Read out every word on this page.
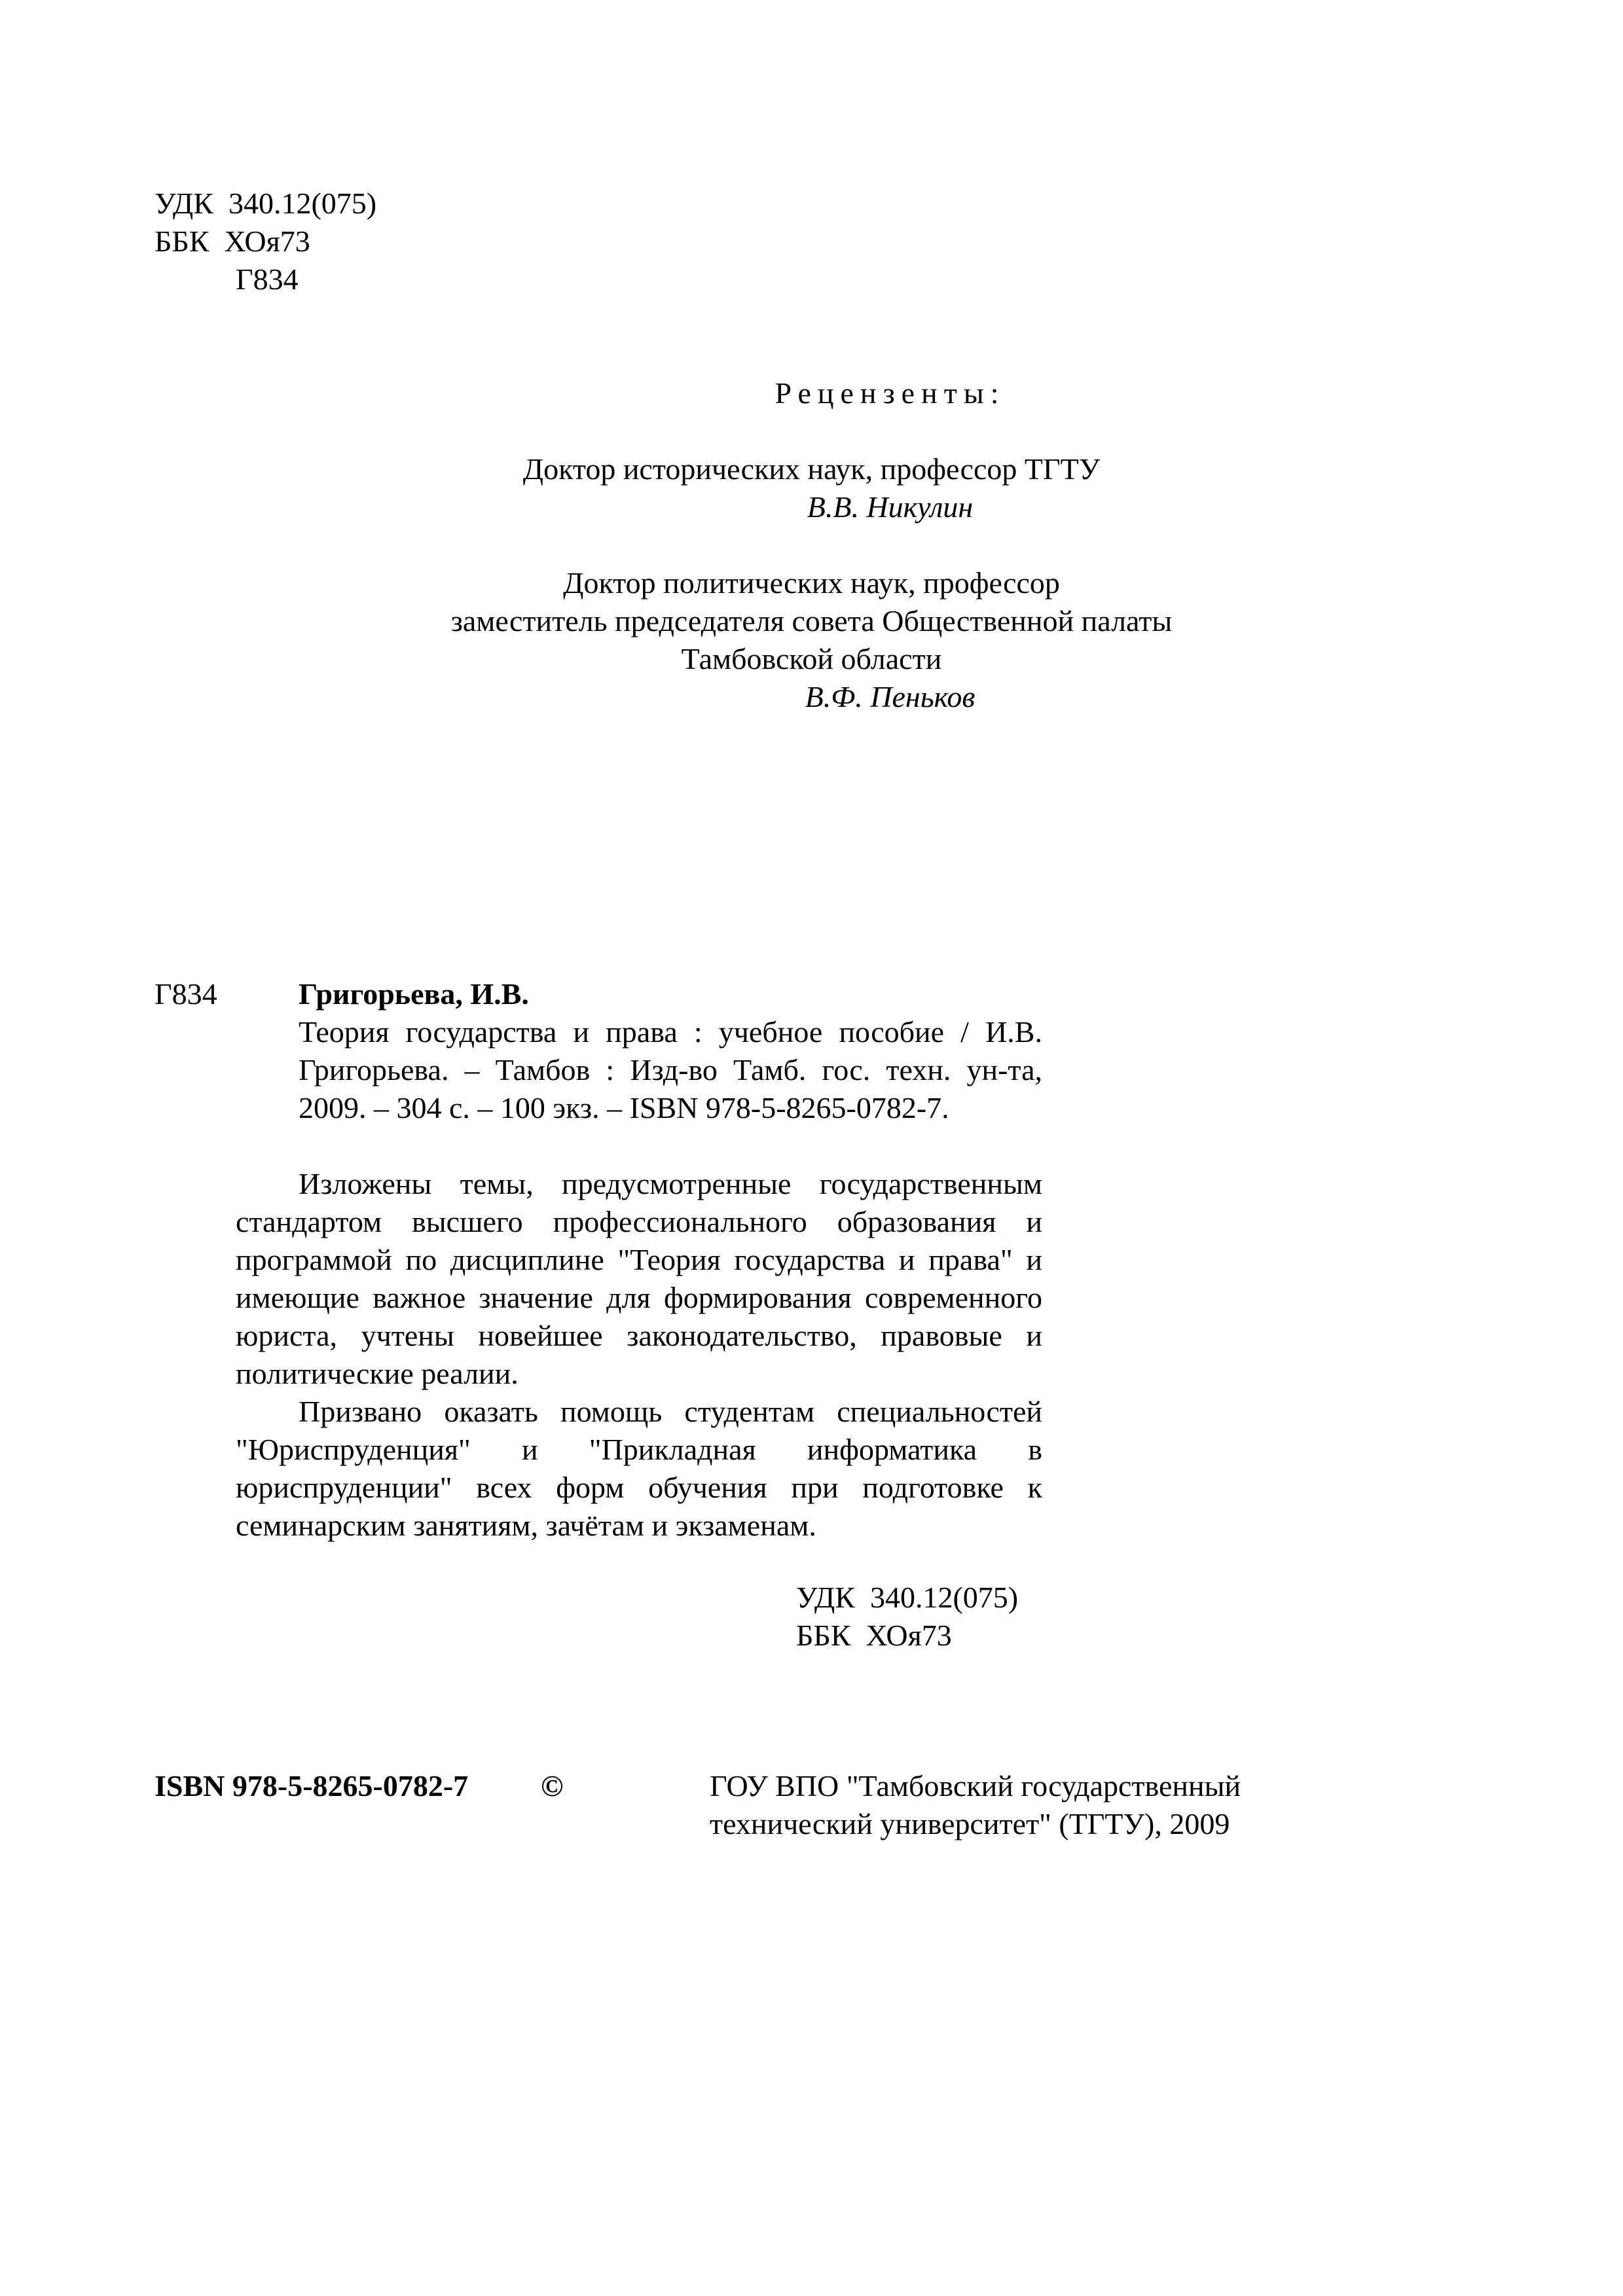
УДК  340.12(075)
ББК  ХОя73
Г834
Рецензенты:
Доктор исторических наук, профессор ТГТУ
В.В. Никулин
Доктор политических наук, профессор
заместитель председателя совета Общественной палаты
Тамбовской области
В.Ф. Пеньков
Г834	Григорьева, И.В.
Теория государства и права : учебное пособие / И.В. Григорьева. – Тамбов : Изд-во Тамб. гос. техн. ун-та, 2009. – 304 с. – 100 экз. – ISBN 978-5-8265-0782-7.

Изложены темы, предусмотренные государственным стандартом высшего профессионального образования и программой по дисциплине "Теория государства и права" и имеющие важное значение для формирования современного юриста, учтены новейшее законодательство, правовые и политические реалии.

Призвано оказать помощь студентам специальностей "Юриспруденция" и "Прикладная информатика в юриспруденции" всех форм обучения при подготовке к семинарским занятиям, зачётам и экзаменам.

УДК  340.12(075)
ББК  ХОя73
ISBN 978-5-8265-0782-7 ©	ГОУ ВПО "Тамбовский государственный
технический университет" (ТГТУ), 2009
